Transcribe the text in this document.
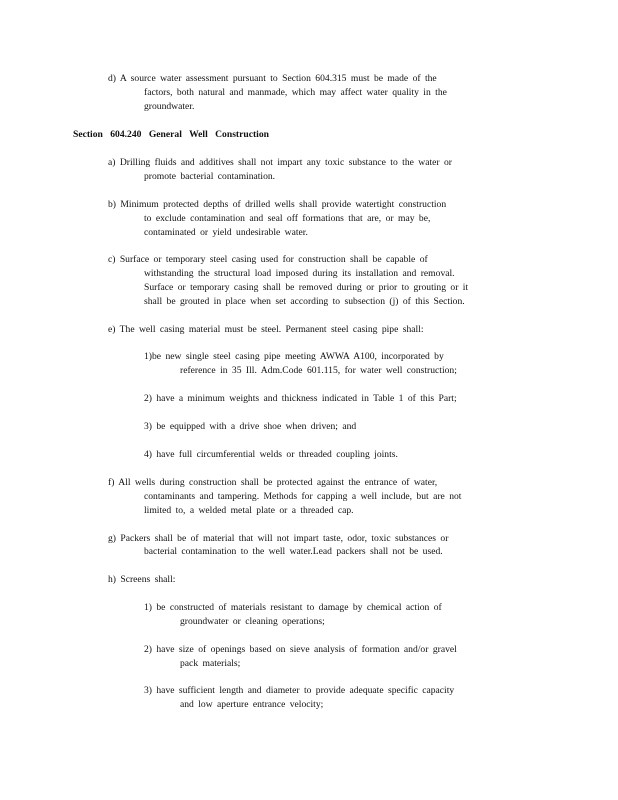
d) A source water assessment pursuant to Section 604.315 must be made of the
factors, both natural and manmade, which may affect water quality in the
groundwater.
Section 604.240 General Well Construction
a) Drilling fluids and additives shall not impart any toxic substance to the water or
promote bacterial contamination.
b) Minimum protected depths of drilled wells shall provide watertight construction
to exclude contamination and seal off formations that are, or may be,
contaminated or yield undesirable water.
c) Surface or temporary steel casing used for construction shall be capable of
withstanding the structural load imposed during its installation and removal.
Surface or temporary casing shall be removed during or prior to grouting or it
shall be grouted in place when set according to subsection (j) of this Section.
e) The well casing material must be steel. Permanent steel casing pipe shall:
1)be new single steel casing pipe meeting AWWA A100, incorporated by
reference in 35 Ill. Adm.Code 601.115, for water well construction;
2) have a minimum weights and thickness indicated in Table 1 of this Part;
3) be equipped with a drive shoe when driven; and
4) have full circumferential welds or threaded coupling joints.
f) All wells during construction shall be protected against the entrance of water,
contaminants and tampering. Methods for capping a well include, but are not
limited to, a welded metal plate or a threaded cap.
g) Packers shall be of material that will not impart taste, odor, toxic substances or
bacterial contamination to the well water.Lead packers shall not be used.
h) Screens shall:
1) be constructed of materials resistant to damage by chemical action of
groundwater or cleaning operations;
2) have size of openings based on sieve analysis of formation and/or gravel
pack materials;
3) have sufficient length and diameter to provide adequate specific capacity
and low aperture entrance velocity;
